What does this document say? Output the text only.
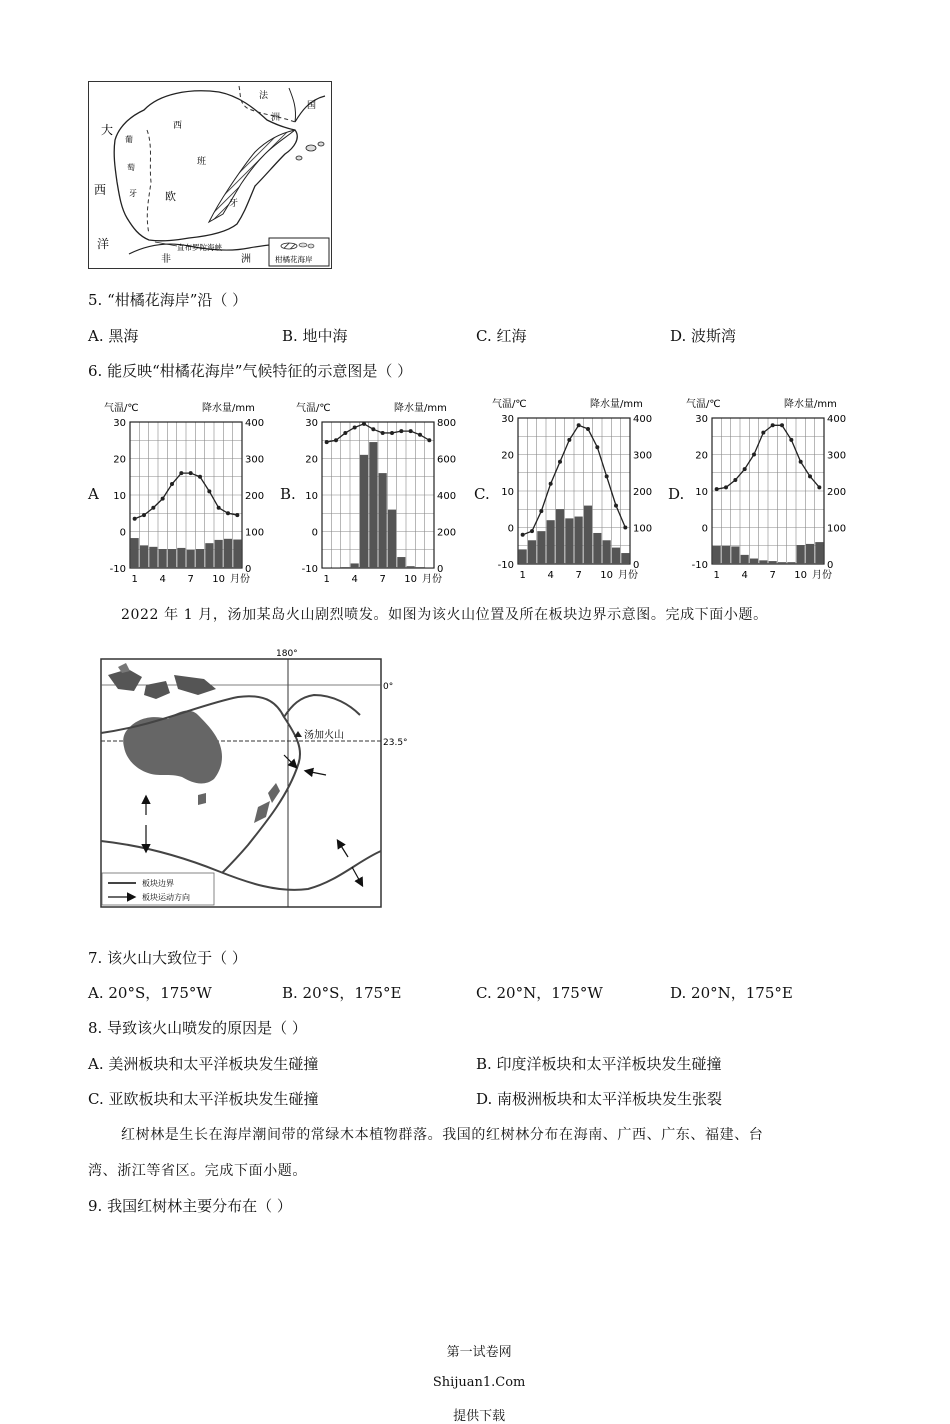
大
西
洋
法
洲
国
西
班
牙
欧
葡
萄
牙
直布罗陀海峡
非	洲	柑橘花海岸
5. “柑橘花海岸”沿（ ）
A. 黑海	B. 地中海	C. 红海	D. 波斯湾
6. 能反映“柑橘花海岸”气候特征的示意图是（ ）
A	B.	C.	D.
气温/℃	降水量/mm
30
20
10
0
-10
400
300
200
100
0
1 4 7 10 月份
气温/℃	降水量/mm
30
20
10
0
-10
800
600
400
200
0
1 4 7 10 月份
气温/℃	降水量/mm
30
20
10
0
-10
400
300
200
100
0
1 4 7 10 月份
气温/℃	降水量/mm
30
20
10
0
-10
400
300
200
100
0
1 4 7 10 月份
2022 年 1 月，汤加某岛火山剧烈喷发。如图为该火山位置及所在板块边界示意图。完成下面小题。
180°
0°
23.5°
汤加火山
板块边界
板块运动方向
7. 该火山大致位于（ ）
A. 20°S，175°W	B. 20°S，175°E	C. 20°N，175°W	D. 20°N，175°E
8. 导致该火山喷发的原因是（ ）
A. 美洲板块和太平洋板块发生碰撞	B. 印度洋板块和太平洋板块发生碰撞
C. 亚欧板块和太平洋板块发生碰撞	D. 南极洲板块和太平洋板块发生张裂
红树林是生长在海岸潮间带的常绿木本植物群落。我国的红树林分布在海南、广西、广东、福建、台
湾、浙江等省区。完成下面小题。
9. 我国红树林主要分布在（ ）

第一试卷网

Shijuan1.Com

提供下载
